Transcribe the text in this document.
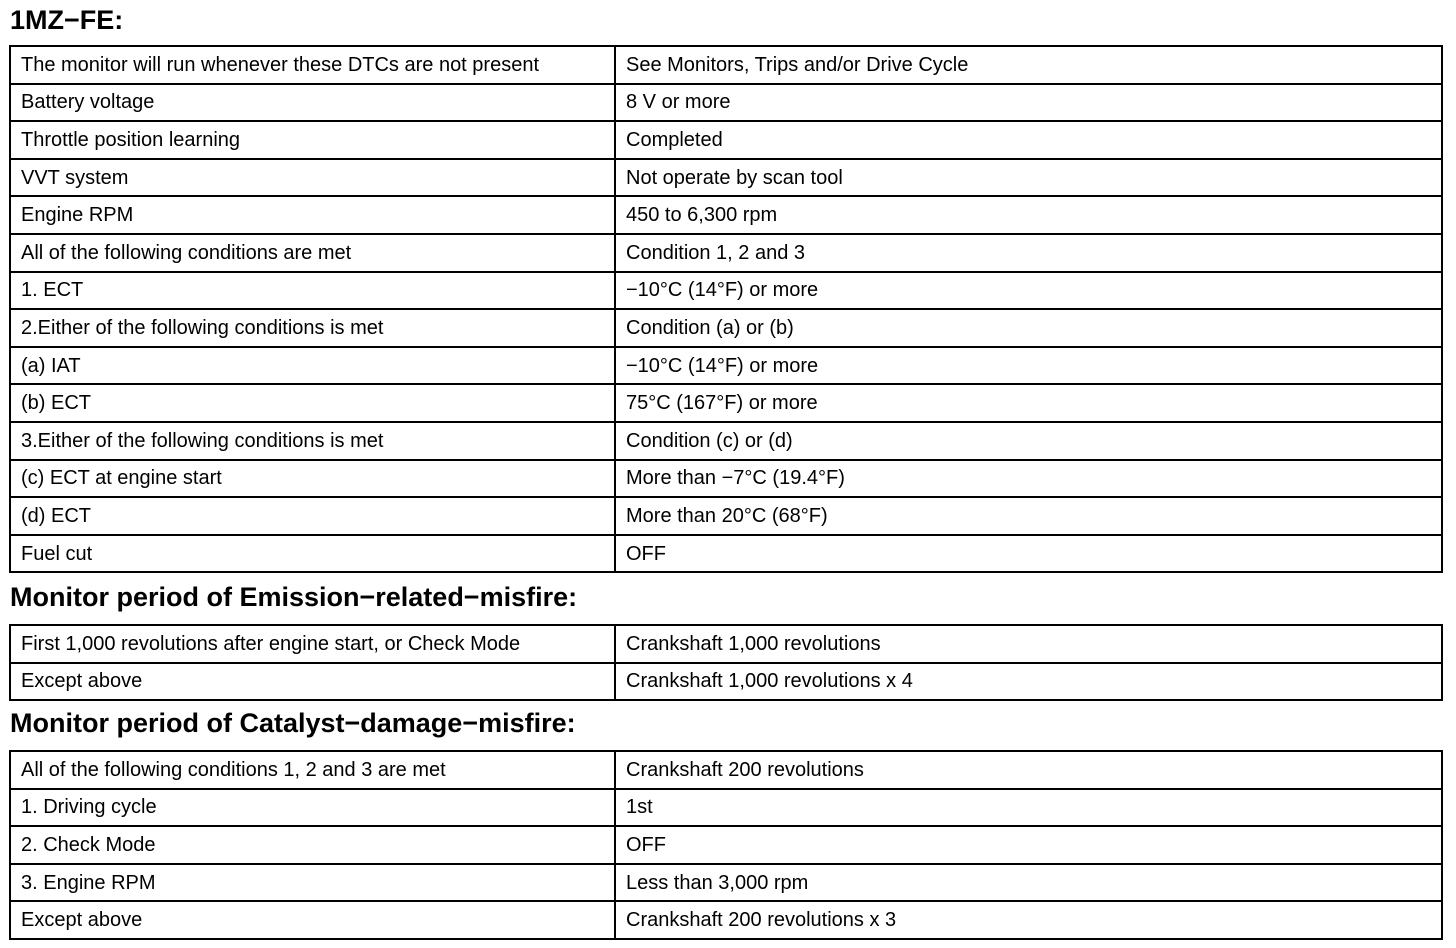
1MZ−FE:
The monitor will run whenever these DTCs are not present	See Monitors, Trips and/or Drive Cycle
Battery voltage	8 V or more
Throttle position learning	Completed
VVT system	Not operate by scan tool
Engine RPM	450 to 6,300 rpm
All of the following conditions are met	Condition 1, 2 and 3
1. ECT	−10°C (14°F) or more
2.Either of the following conditions is met	Condition (a) or (b)
(a) IAT	−10°C (14°F) or more
(b) ECT	75°C (167°F) or more
3.Either of the following conditions is met	Condition (c) or (d)
(c) ECT at engine start	More than −7°C (19.4°F)
(d) ECT	More than 20°C (68°F)
Fuel cut	OFF
Monitor period of Emission−related−misfire:
First 1,000 revolutions after engine start, or Check Mode	Crankshaft 1,000 revolutions
Except above	Crankshaft 1,000 revolutions x 4
Monitor period of Catalyst−damage−misfire:
All of the following conditions 1, 2 and 3 are met	Crankshaft 200 revolutions
1. Driving cycle	1st
2. Check Mode	OFF
3. Engine RPM	Less than 3,000 rpm
Except above	Crankshaft 200 revolutions x 3
